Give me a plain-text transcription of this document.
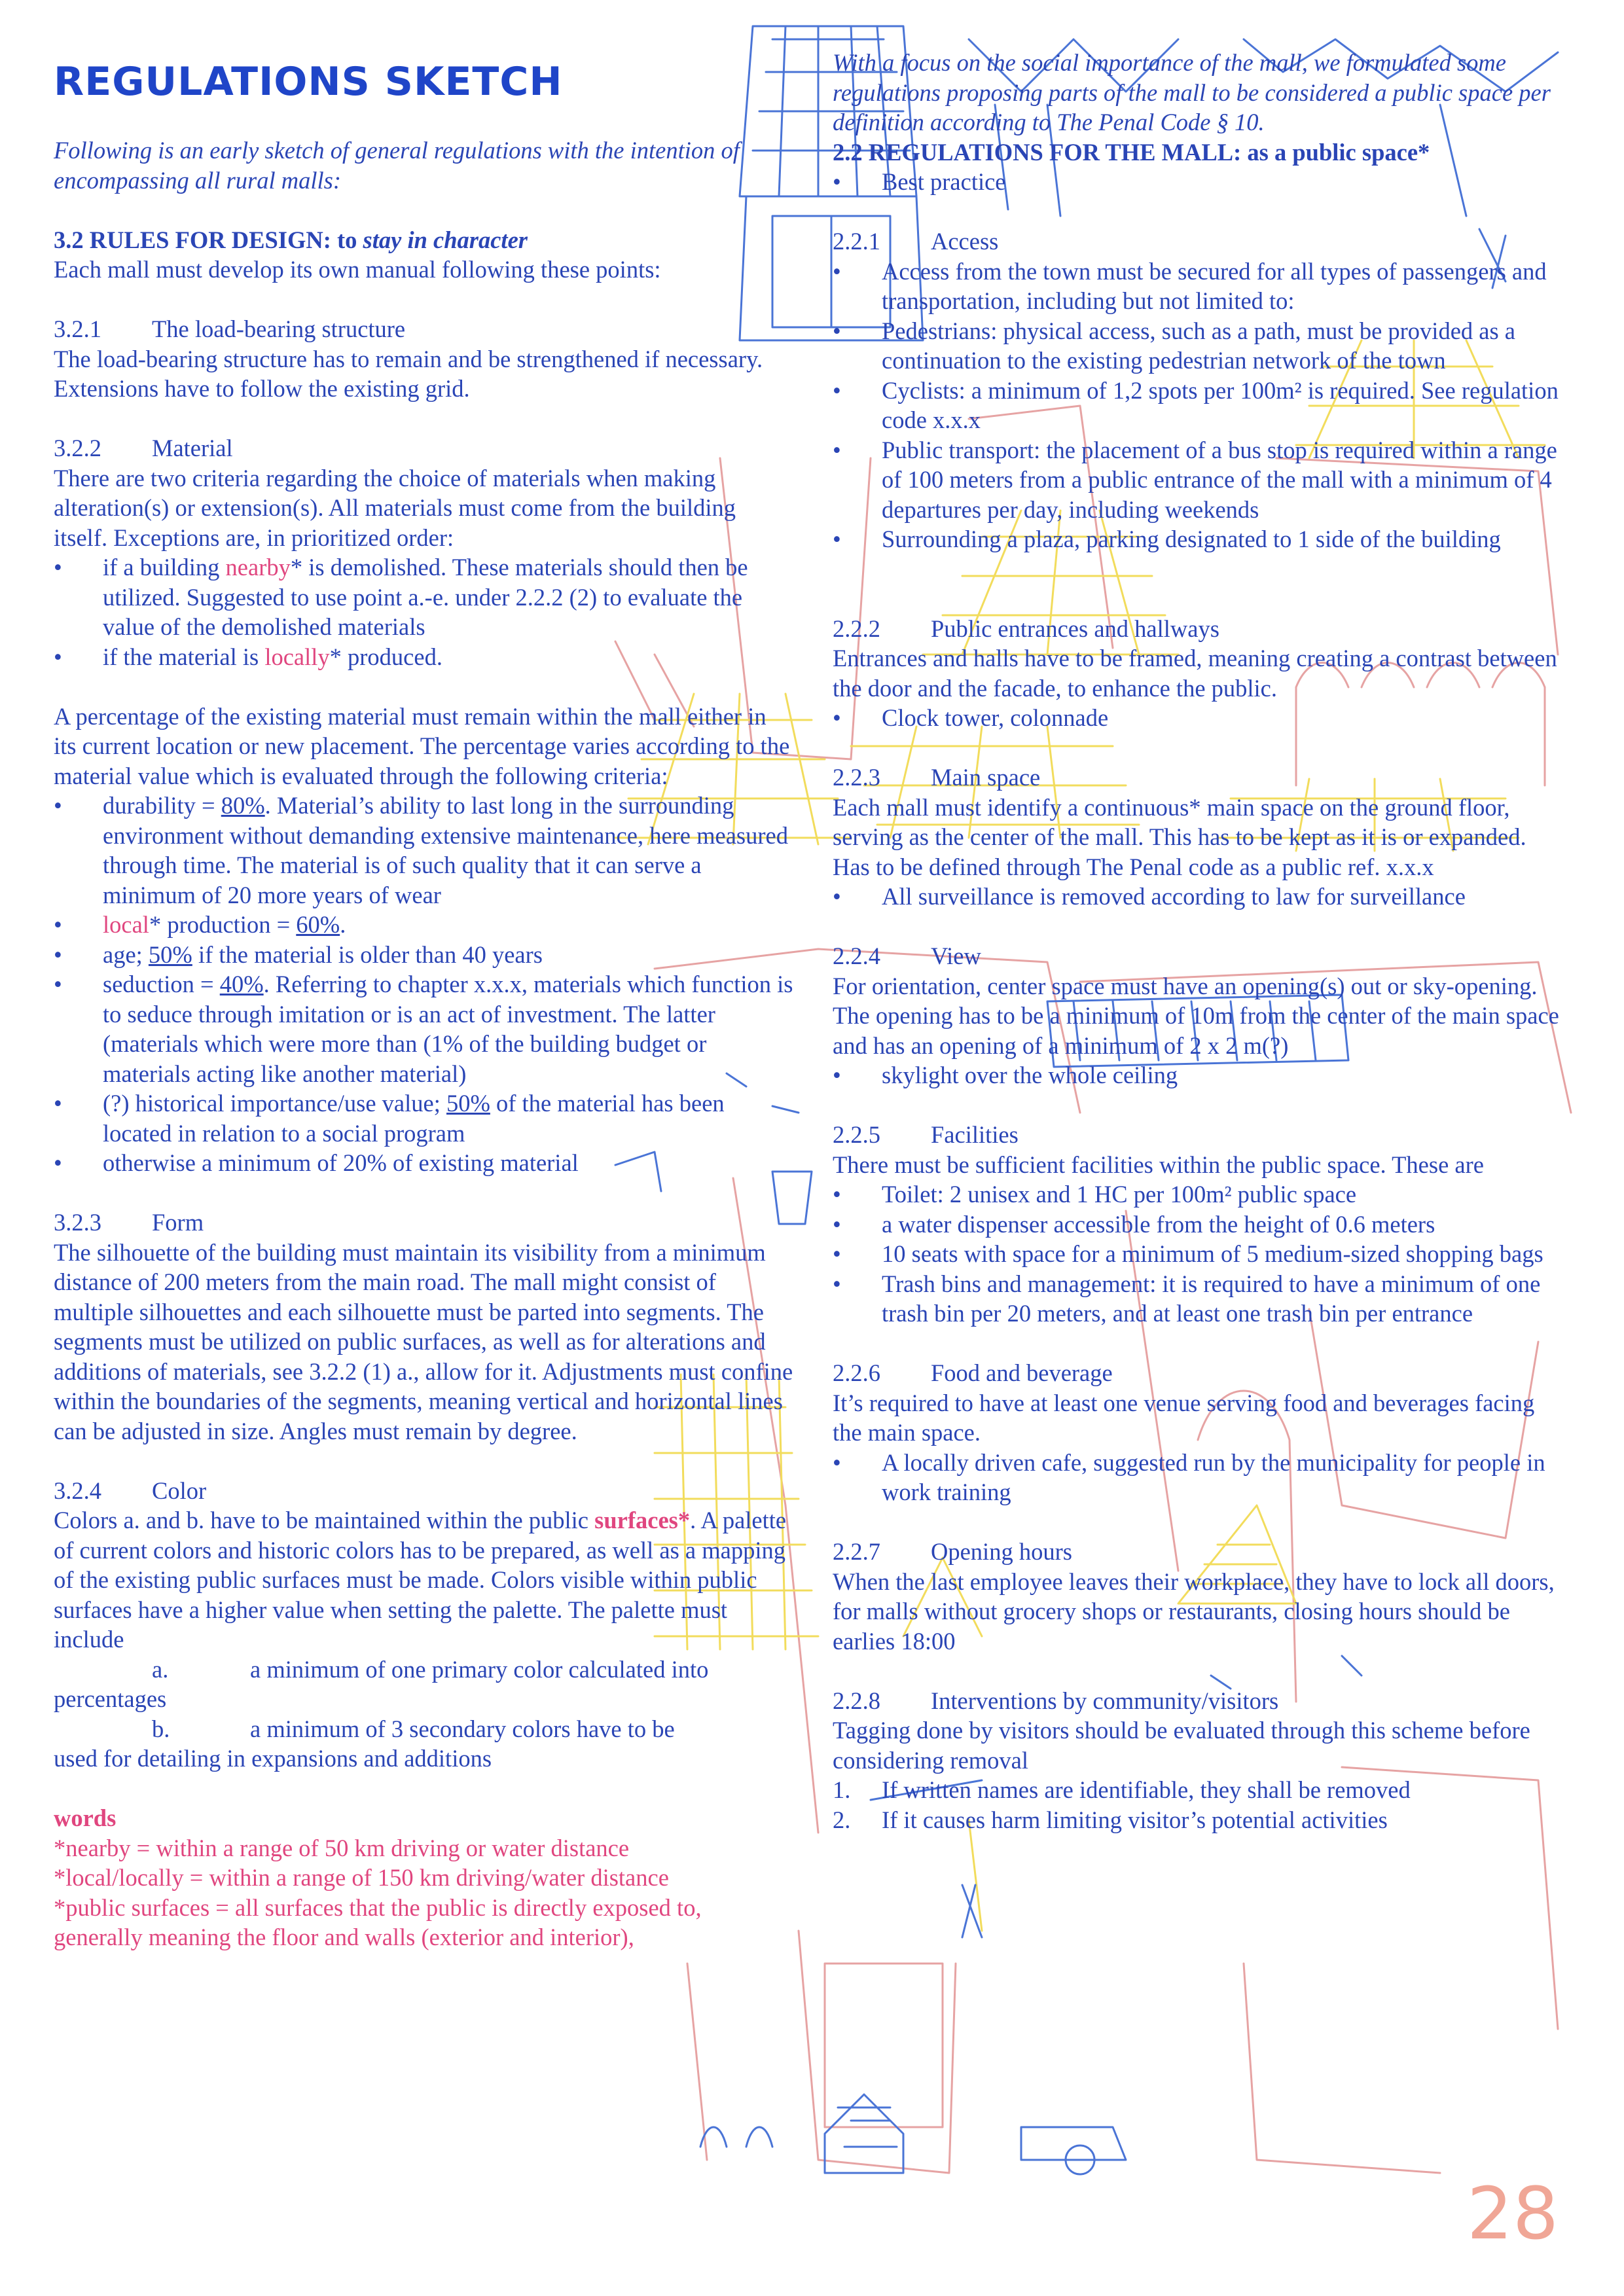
REGULATIONS SKETCH

Following is an early sketch of general regulations with the intention of encompassing all rural malls:

3.2 RULES FOR DESIGN: to stay in character

Each mall must develop its own manual following these points:

3.2.1	The load-bearing structure

The load-bearing structure has to remain and be strengthened if necessary. Extensions have to follow the existing grid.

3.2.2	Material

There are two criteria regarding the choice of materials when making alteration(s) or extension(s). All materials must come from the building itself. Exceptions are, in prioritized order:

• if a building nearby* is demolished. These materials should then be utilized. Suggested to use point a.-e. under 2.2.2 (2) to evaluate the value of the demolished materials
• if the material is locally* produced.

A percentage of the existing material must remain within the mall either in its current location or new placement. The percentage varies according to the material value which is evaluated through the following criteria:

• durability = 80%. Material’s ability to last long in the surrounding environment without demanding extensive maintenance, here measured through time. The material is of such quality that it can serve a minimum of 20 more years of wear
• local* production = 60%.
• age; 50% if the material is older than 40 years
• seduction = 40%. Referring to chapter x.x.x, materials which function is to seduce through imitation or is an act of investment. The latter (materials which were more than (1% of the building budget or materials acting like another material)
• (?) historical importance/use value; 50% of the material has been located in relation to a social program
• otherwise a minimum of 20% of existing material
3.2.3	Form

The silhouette of the building must maintain its visibility from a minimum distance of 200 meters from the main road. The mall might consist of multiple silhouettes and each silhouette must be parted into segments. The segments must be utilized on public surfaces, as well as for alterations and additions of materials, see 3.2.2 (1) a., allow for it. Adjustments must confine within the boundaries of the segments, meaning vertical and horizontal lines can be adjusted in size. Angles must remain by degree.

3.2.4	Color

Colors a. and b. have to be maintained within the public surfaces*. A palette of current colors and historic colors has to be prepared, as well as a mapping of the existing public surfaces must be made. Colors visible within public surfaces have a higher value when setting the palette. The palette must include

a.	a minimum of one primary color calculated into

percentages

b.	a minimum of 3 secondary colors have to be

used for detailing in expansions and additions

words

*nearby = within a range of 50 km driving or water distance

*local/locally = within a range of 150 km driving/water distance

*public surfaces = all surfaces that the public is directly exposed to, generally meaning the floor and walls (exterior and interior),

With a focus on the social importance of the mall, we formulated some regulations proposing parts of the mall to be considered a public space per definition according to The Penal Code § 10.

2.2 REGULATIONS FOR THE MALL: as a public space*

• Best practice
2.2.1	Access
• Access from the town must be secured for all types of passengers and transportation, including but not limited to:
• Pedestrians: physical access, such as a path, must be provided as a continuation to the existing pedestrian network of the town
• Cyclists: a minimum of 1,2 spots per 100m² is required. See regulation code x.x.x
• Public transport: the placement of a bus stop is required within a range of 100 meters from a public entrance of the mall with a minimum of 4 departures per day, including weekends
• Surrounding a plaza, parking designated to 1 side of the building
2.2.2	Public entrances and hallways

Entrances and halls have to be framed, meaning creating a contrast between the door and the facade, to enhance the public.

• Clock tower, colonnade
2.2.3	Main space

Each mall must identify a continuous* main space on the ground floor, serving as the center of the mall. This has to be kept as it is or expanded. Has to be defined through The Penal code as a public ref. x.x.x

• All surveillance is removed according to law for surveillance
2.2.4	View

For orientation, center space must have an opening(s) out or sky-opening. The opening has to be a minimum of 10m from the center of the main space and has an opening of a minimum of 2 x 2 m(?)

• skylight over the whole ceiling
2.2.5	Facilities

There must be sufficient facilities within the public space. These are

• Toilet: 2 unisex and 1 HC per 100m² public space
• a water dispenser accessible from the height of 0.6 meters
• 10 seats with space for a minimum of 5 medium-sized shopping bags
• Trash bins and management: it is required to have a minimum of one trash bin per 20 meters, and at least one trash bin per entrance
2.2.6	Food and beverage

It’s required to have at least one venue serving food and beverages facing the main space.

• A locally driven cafe, suggested run by the municipality for people in work training
2.2.7	Opening hours

When the last employee leaves their workplace, they have to lock all doors, for malls without grocery shops or restaurants, closing hours should be earlies 18:00

2.2.8	Interventions by community/visitors

Tagging done by visitors should be evaluated through this scheme before considering removal

1. If written names are identifiable, they shall be removed
2. If it causes harm limiting visitor’s potential activities
28
